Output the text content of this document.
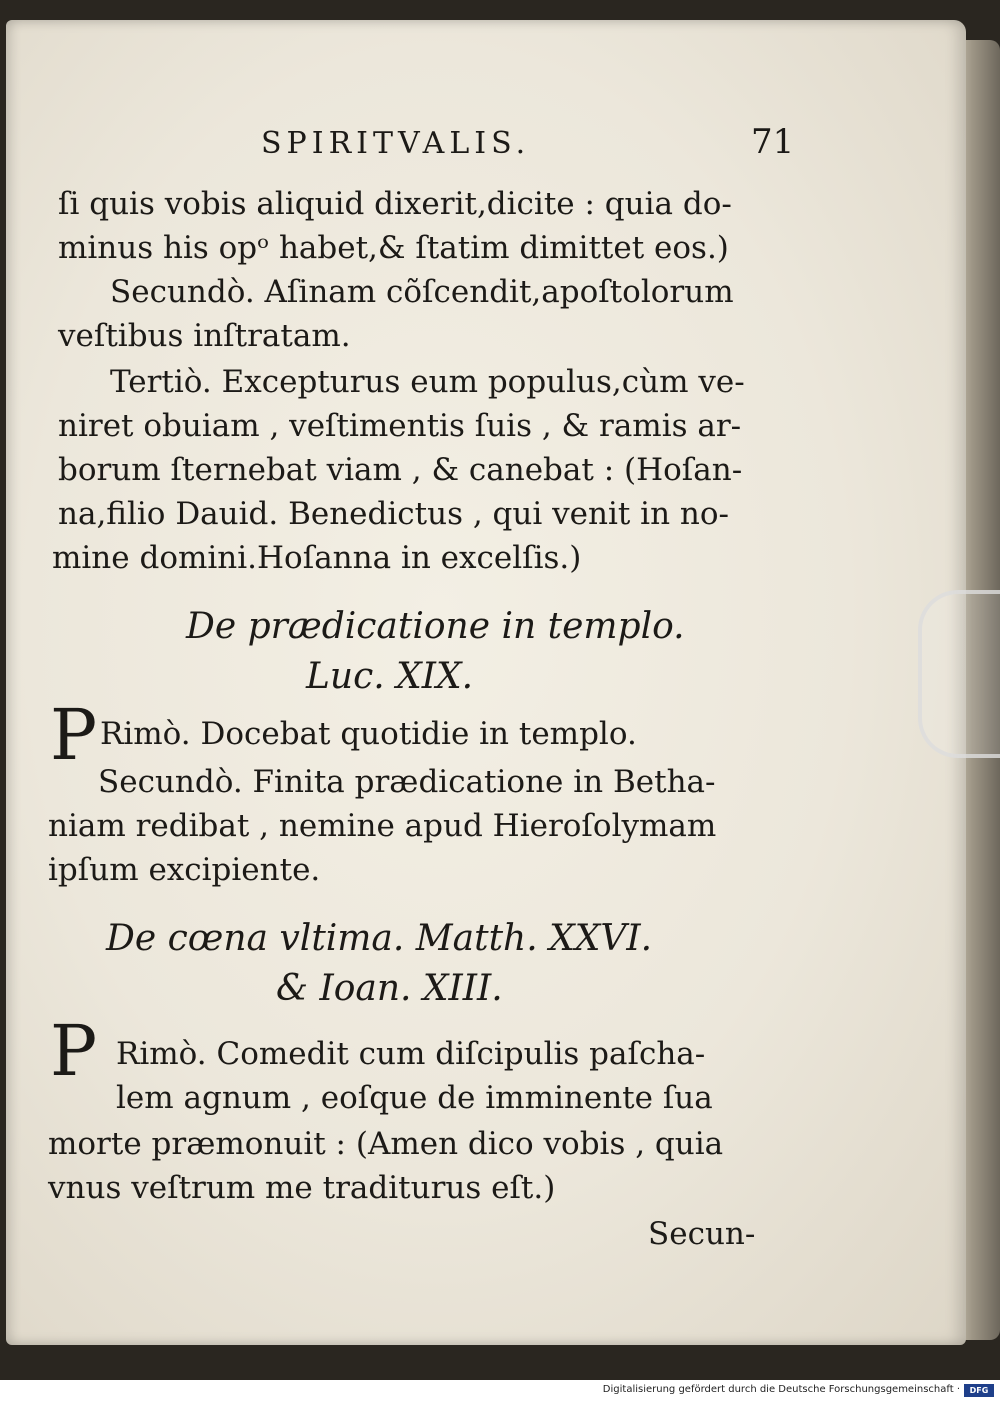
SPIRITVALIS.	71
ſi quis vobis aliquid dixerit,dicite : quia do-
minus his opᵒ habet,& ſtatim dimittet eos.)
Secundò. Aſinam cõſcendit,apoſtolorum
veſtibus inſtratam.
Tertiò. Excepturus eum populus,cùm ve-
niret obuiam , veſtimentis ſuis , & ramis ar-
borum ſternebat viam , & canebat : (Hoſan-
na,filio Dauid. Benedictus , qui venit in no-
mine domini.Hoſanna in excelſis.)
De prædicatione in templo.
Luc. XIX.
P Rimò. Docebat quotidie in templo.
Secundò. Finita prædicatione in Betha-
niam redibat , nemine apud Hieroſolymam
ipſum excipiente.
De cœna vltima. Matth. XXVI.
& Ioan. XIII.
P Rimò. Comedit cum diſcipulis paſcha-
lem agnum , eoſque de imminente ſua
morte præmonuit : (Amen dico vobis , quia
vnus veſtrum me traditurus eſt.)
Secun-
Digitalisierung gefördert durch die Deutsche Forschungsgemeinschaft ·	DFG
